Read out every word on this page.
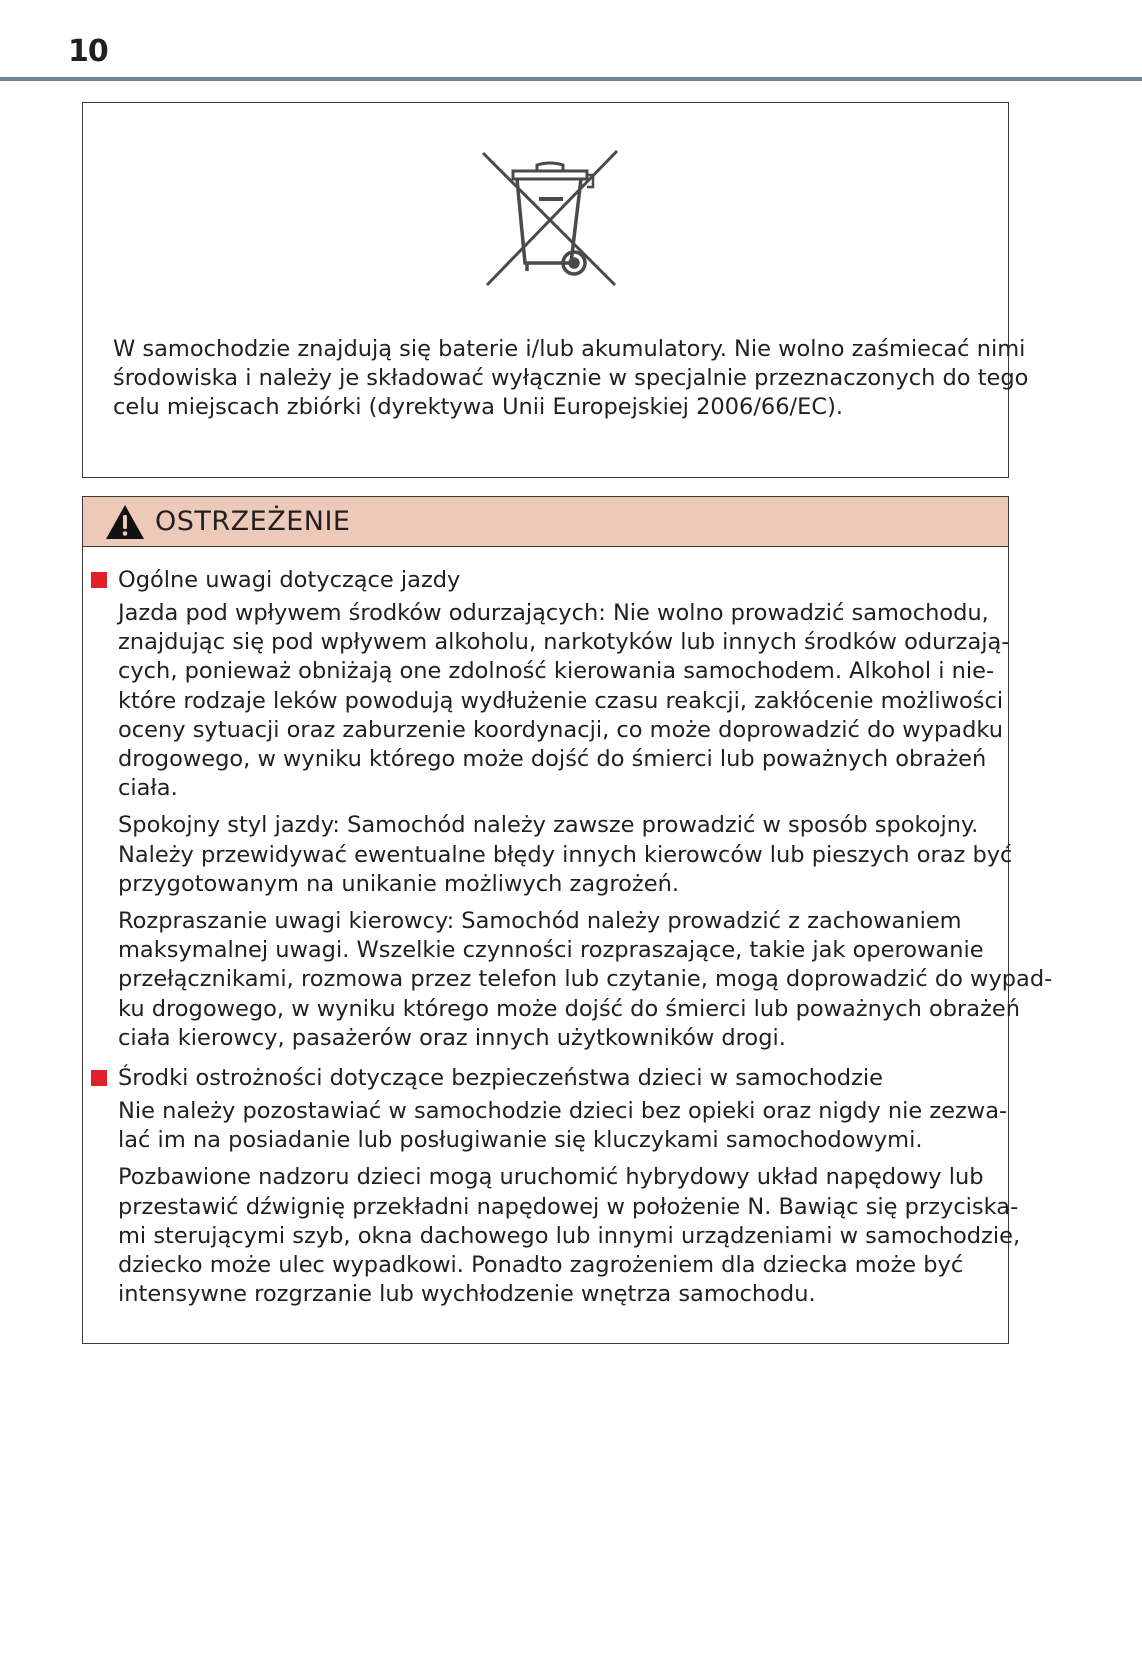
10
W samochodzie znajdują się baterie i/lub akumulatory. Nie wolno zaśmiecać nimi
środowiska i należy je składować wyłącznie w specjalnie przeznaczonych do tego
celu miejscach zbiórki (dyrektywa Unii Europejskiej 2006/66/EC).
OSTRZEŻENIE
Ogólne uwagi dotyczące jazdy
Jazda pod wpływem środków odurzających: Nie wolno prowadzić samochodu,
znajdując się pod wpływem alkoholu, narkotyków lub innych środków odurzają-
cych, ponieważ obniżają one zdolność kierowania samochodem. Alkohol i nie-
które rodzaje leków powodują wydłużenie czasu reakcji, zakłócenie możliwości
oceny sytuacji oraz zaburzenie koordynacji, co może doprowadzić do wypadku
drogowego, w wyniku którego może dojść do śmierci lub poważnych obrażeń
ciała.
Spokojny styl jazdy: Samochód należy zawsze prowadzić w sposób spokojny.
Należy przewidywać ewentualne błędy innych kierowców lub pieszych oraz być
przygotowanym na unikanie możliwych zagrożeń.
Rozpraszanie uwagi kierowcy: Samochód należy prowadzić z zachowaniem
maksymalnej uwagi. Wszelkie czynności rozpraszające, takie jak operowanie
przełącznikami, rozmowa przez telefon lub czytanie, mogą doprowadzić do wypad-
ku drogowego, w wyniku którego może dojść do śmierci lub poważnych obrażeń
ciała kierowcy, pasażerów oraz innych użytkowników drogi.
Środki ostrożności dotyczące bezpieczeństwa dzieci w samochodzie
Nie należy pozostawiać w samochodzie dzieci bez opieki oraz nigdy nie zezwa-
lać im na posiadanie lub posługiwanie się kluczykami samochodowymi.
Pozbawione nadzoru dzieci mogą uruchomić hybrydowy układ napędowy lub
przestawić dźwignię przekładni napędowej w położenie N. Bawiąc się przyciska-
mi sterującymi szyb, okna dachowego lub innymi urządzeniami w samochodzie,
dziecko może ulec wypadkowi. Ponadto zagrożeniem dla dziecka może być
intensywne rozgrzanie lub wychłodzenie wnętrza samochodu.
